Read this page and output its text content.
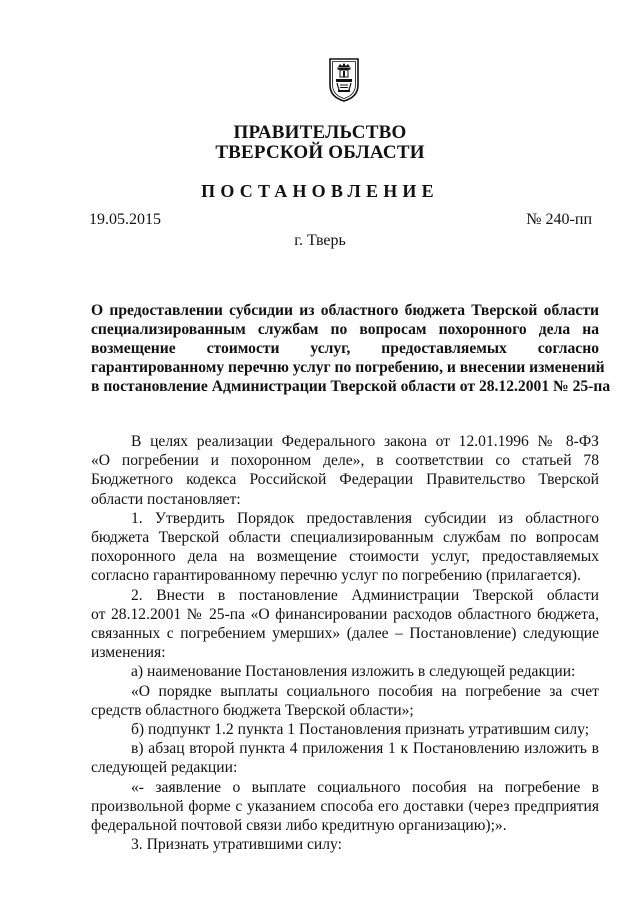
ПРАВИТЕЛЬСТВО
ТВЕРСКОЙ ОБЛАСТИ
ПОСТАНОВЛЕНИЕ
19.05.2015	№ 240-пп
г. Тверь
О предоставлении субсидии из областного бюджета Тверской области
специализированным службам по вопросам похоронного дела на
возмещение стоимости услуг, предоставляемых согласно
гарантированному перечню услуг по погребению, и внесении изменений
в постановление Администрации Тверской области от 28.12.2001 № 25-па
В целях реализации Федерального закона от 12.01.1996 № 8-ФЗ
«О погребении и похоронном деле», в соответствии со статьей 78
Бюджетного кодекса Российской Федерации Правительство Тверской
области постановляет:
1. Утвердить Порядок предоставления субсидии из областного
бюджета Тверской области специализированным службам по вопросам
похоронного дела на возмещение стоимости услуг, предоставляемых
согласно гарантированному перечню услуг по погребению (прилагается).
2. Внести в постановление Администрации Тверской области
от 28.12.2001 № 25-па «О финансировании расходов областного бюджета,
связанных с погребением умерших» (далее – Постановление) следующие
изменения:
а) наименование Постановления изложить в следующей редакции:
«О порядке выплаты социального пособия на погребение за счет
средств областного бюджета Тверской области»;
б) подпункт 1.2 пункта 1 Постановления признать утратившим силу;
в) абзац второй пункта 4 приложения 1 к Постановлению изложить в
следующей редакции:
«- заявление о выплате социального пособия на погребение в
произвольной форме с указанием способа его доставки (через предприятия
федеральной почтовой связи либо кредитную организацию);».
3. Признать утратившими силу:
